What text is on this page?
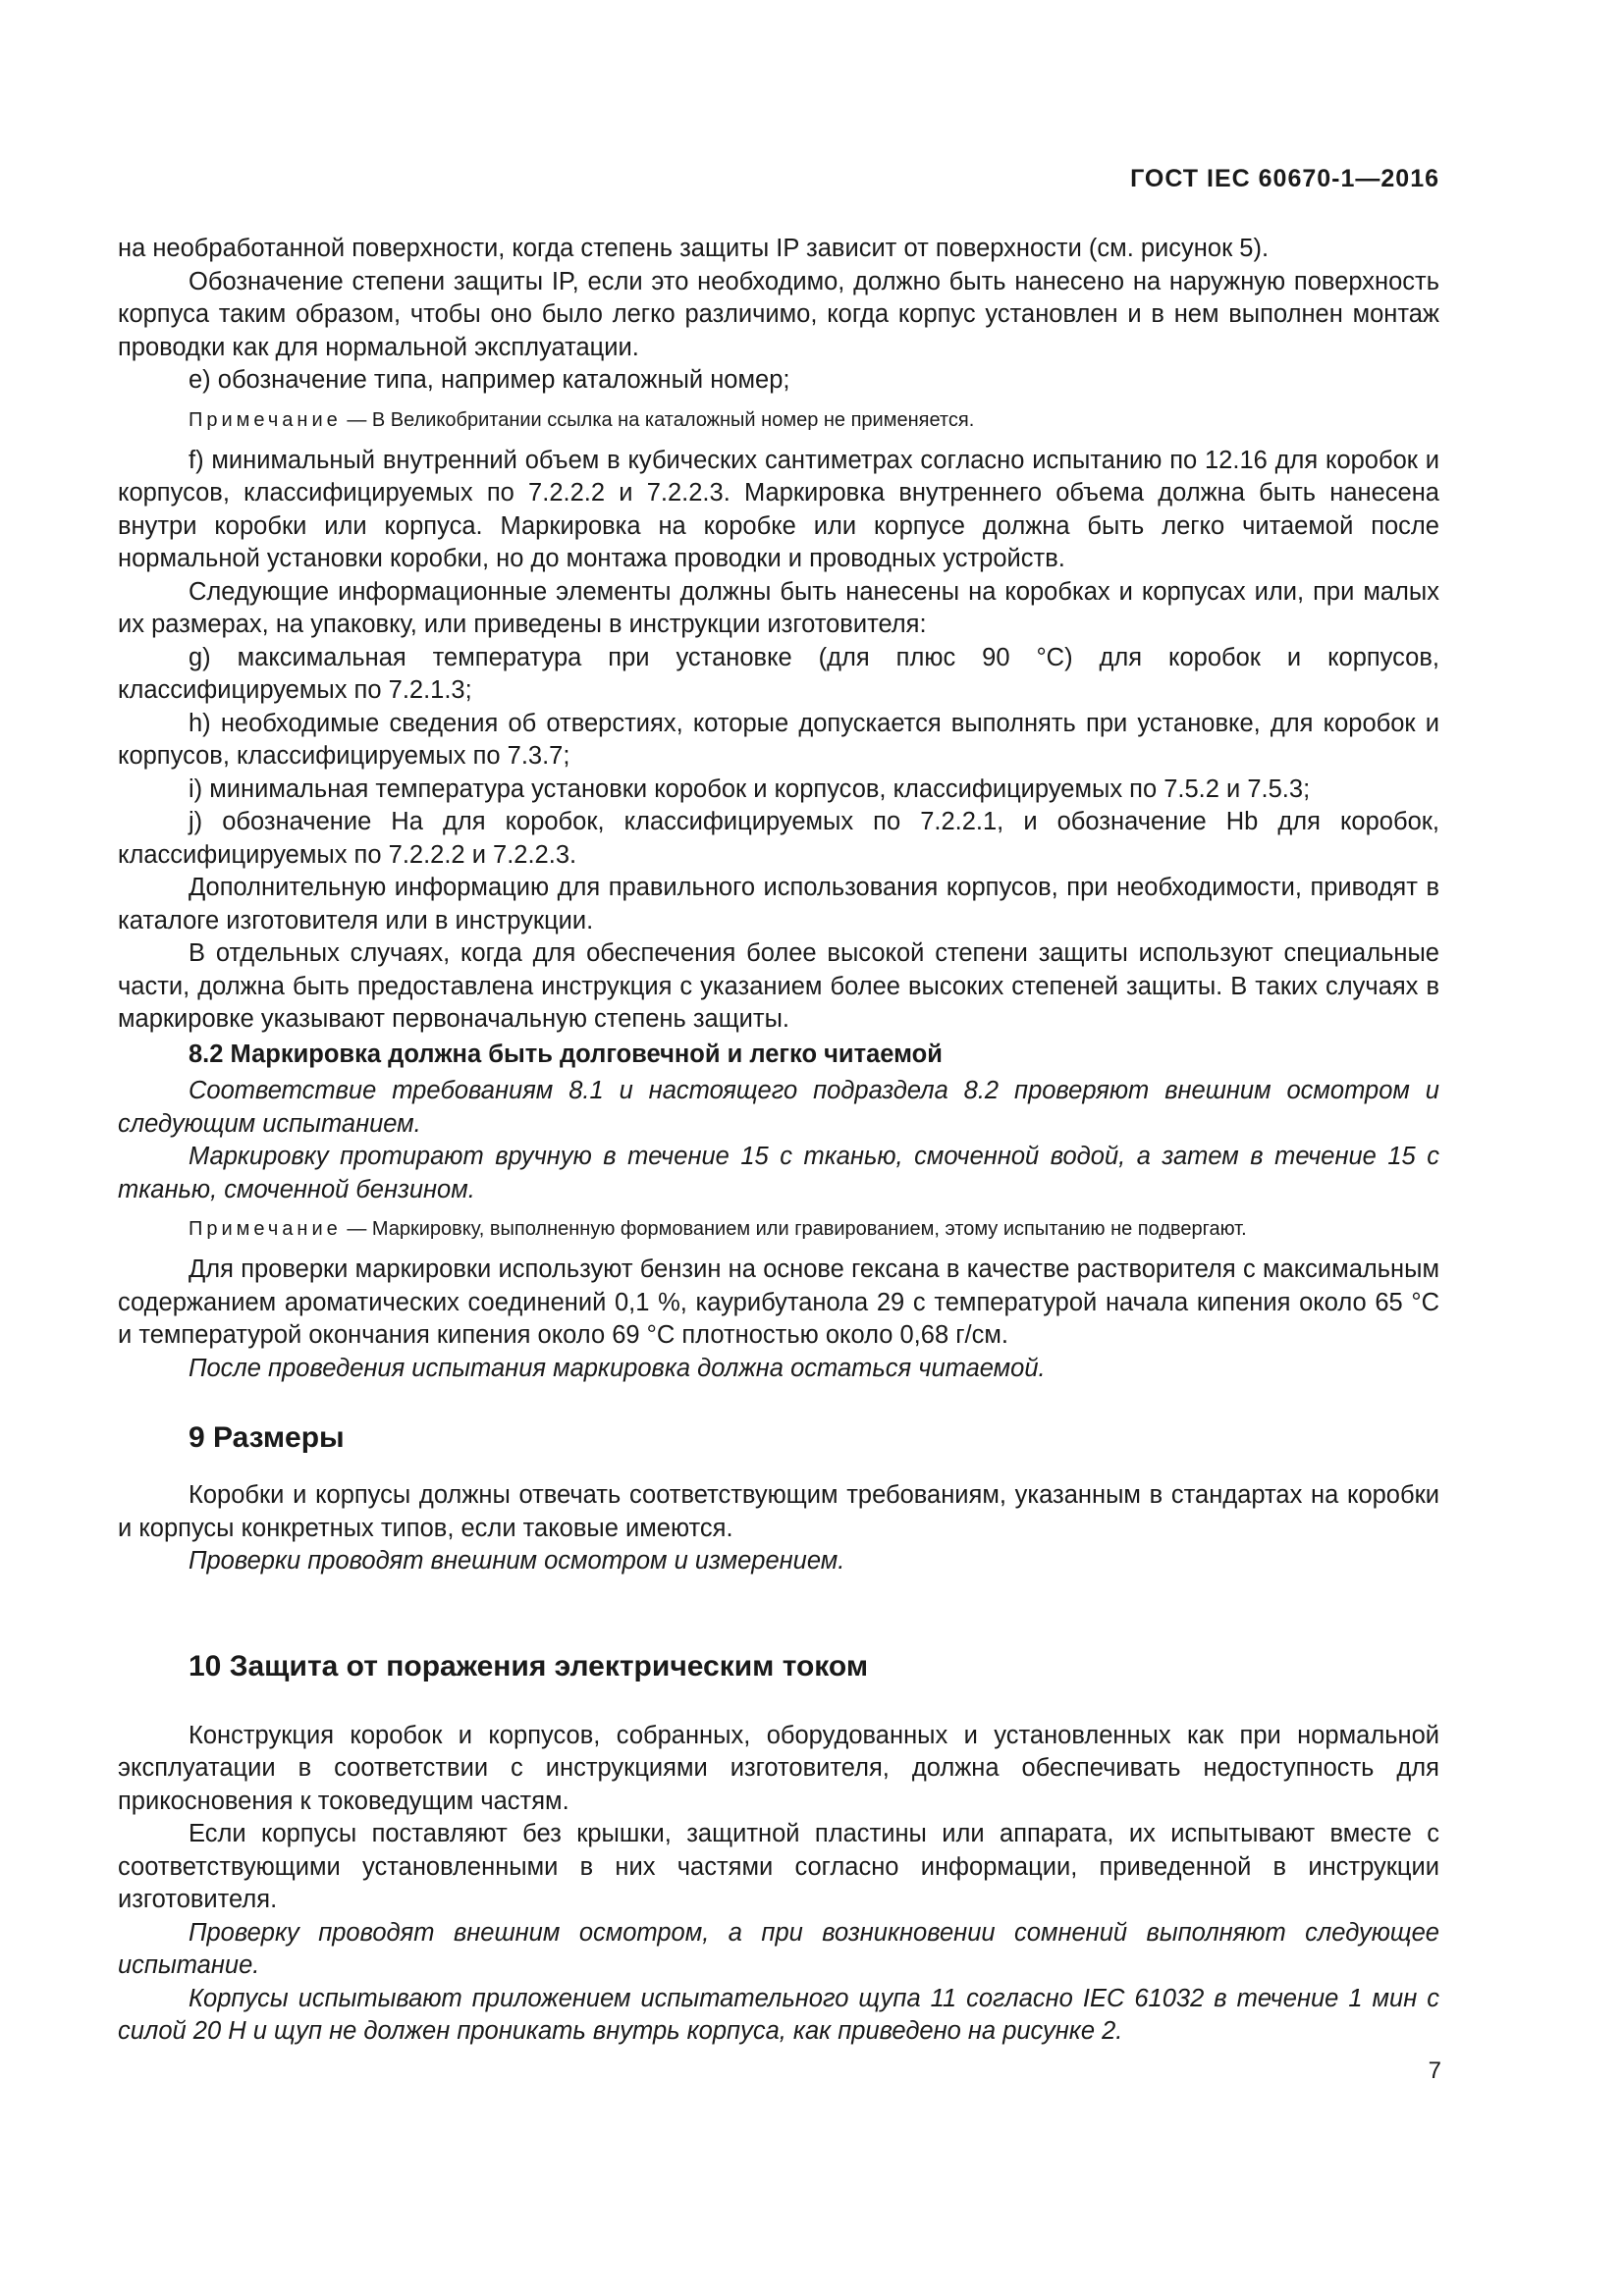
ГОСТ IEC 60670-1—2016

на необработанной поверхности, когда степень защиты IP зависит от поверхности (см. рисунок 5).

Обозначение степени защиты IP, если это необходимо, должно быть нанесено на наружную поверхность корпуса таким образом, чтобы оно было легко различимо, когда корпус установлен и в нем выполнен монтаж проводки как для нормальной эксплуатации.

e) обозначение типа, например каталожный номер;

Примечание — В Великобритании ссылка на каталожный номер не применяется.

f) минимальный внутренний объем в кубических сантиметрах согласно испытанию по 12.16 для коробок и корпусов, классифицируемых по 7.2.2.2 и 7.2.2.3. Маркировка внутреннего объема должна быть нанесена внутри коробки или корпуса. Маркировка на коробке или корпусе должна быть легко читаемой после нормальной установки коробки, но до монтажа проводки и проводных устройств.

Следующие информационные элементы должны быть нанесены на коробках и корпусах или, при малых их размерах, на упаковку, или приведены в инструкции изготовителя:

g) максимальная температура при установке (для плюс 90 °С) для коробок и корпусов, классифицируемых по 7.2.1.3;

h) необходимые сведения об отверстиях, которые допускается выполнять при установке, для коробок и корпусов, классифицируемых по 7.3.7;

i) минимальная температура установки коробок и корпусов, классифицируемых по 7.5.2 и 7.5.3;

j) обозначение На для коробок, классифицируемых по 7.2.2.1, и обозначение Hb для коробок, классифицируемых по 7.2.2.2 и 7.2.2.3.

Дополнительную информацию для правильного использования корпусов, при необходимости, приводят в каталоге изготовителя или в инструкции.

В отдельных случаях, когда для обеспечения более высокой степени защиты используют специальные части, должна быть предоставлена инструкция с указанием более высоких степеней защиты. В таких случаях в маркировке указывают первоначальную степень защиты.

8.2 Маркировка должна быть долговечной и легко читаемой

Соответствие требованиям 8.1 и настоящего подраздела 8.2 проверяют внешним осмотром и следующим испытанием.

Маркировку протирают вручную в течение 15 с тканью, смоченной водой, а затем в течение 15 с тканью, смоченной бензином.

Примечание — Маркировку, выполненную формованием или гравированием, этому испытанию не подвергают.

Для проверки маркировки используют бензин на основе гексана в качестве растворителя с максимальным содержанием ароматических соединений 0,1 %, каурибутанола 29 с температурой начала кипения около 65 °С и температурой окончания кипения около 69 °С плотностью около 0,68 г/см.

После проведения испытания маркировка должна остаться читаемой.

9 Размеры

Коробки и корпусы должны отвечать соответствующим требованиям, указанным в стандартах на коробки и корпусы конкретных типов, если таковые имеются.

Проверки проводят внешним осмотром и измерением.

10 Защита от поражения электрическим током

Конструкция коробок и корпусов, собранных, оборудованных и установленных как при нормальной эксплуатации в соответствии с инструкциями изготовителя, должна обеспечивать недоступность для прикосновения к токоведущим частям.

Если корпусы поставляют без крышки, защитной пластины или аппарата, их испытывают вместе с соответствующими установленными в них частями согласно информации, приведенной в инструкции изготовителя.

Проверку проводят внешним осмотром, а при возникновении сомнений выполняют следующее испытание.

Корпусы испытывают приложением испытательного щупа 11 согласно IEC 61032 в течение 1 мин с силой 20 Н и щуп не должен проникать внутрь корпуса, как приведено на рисунке 2.

7
